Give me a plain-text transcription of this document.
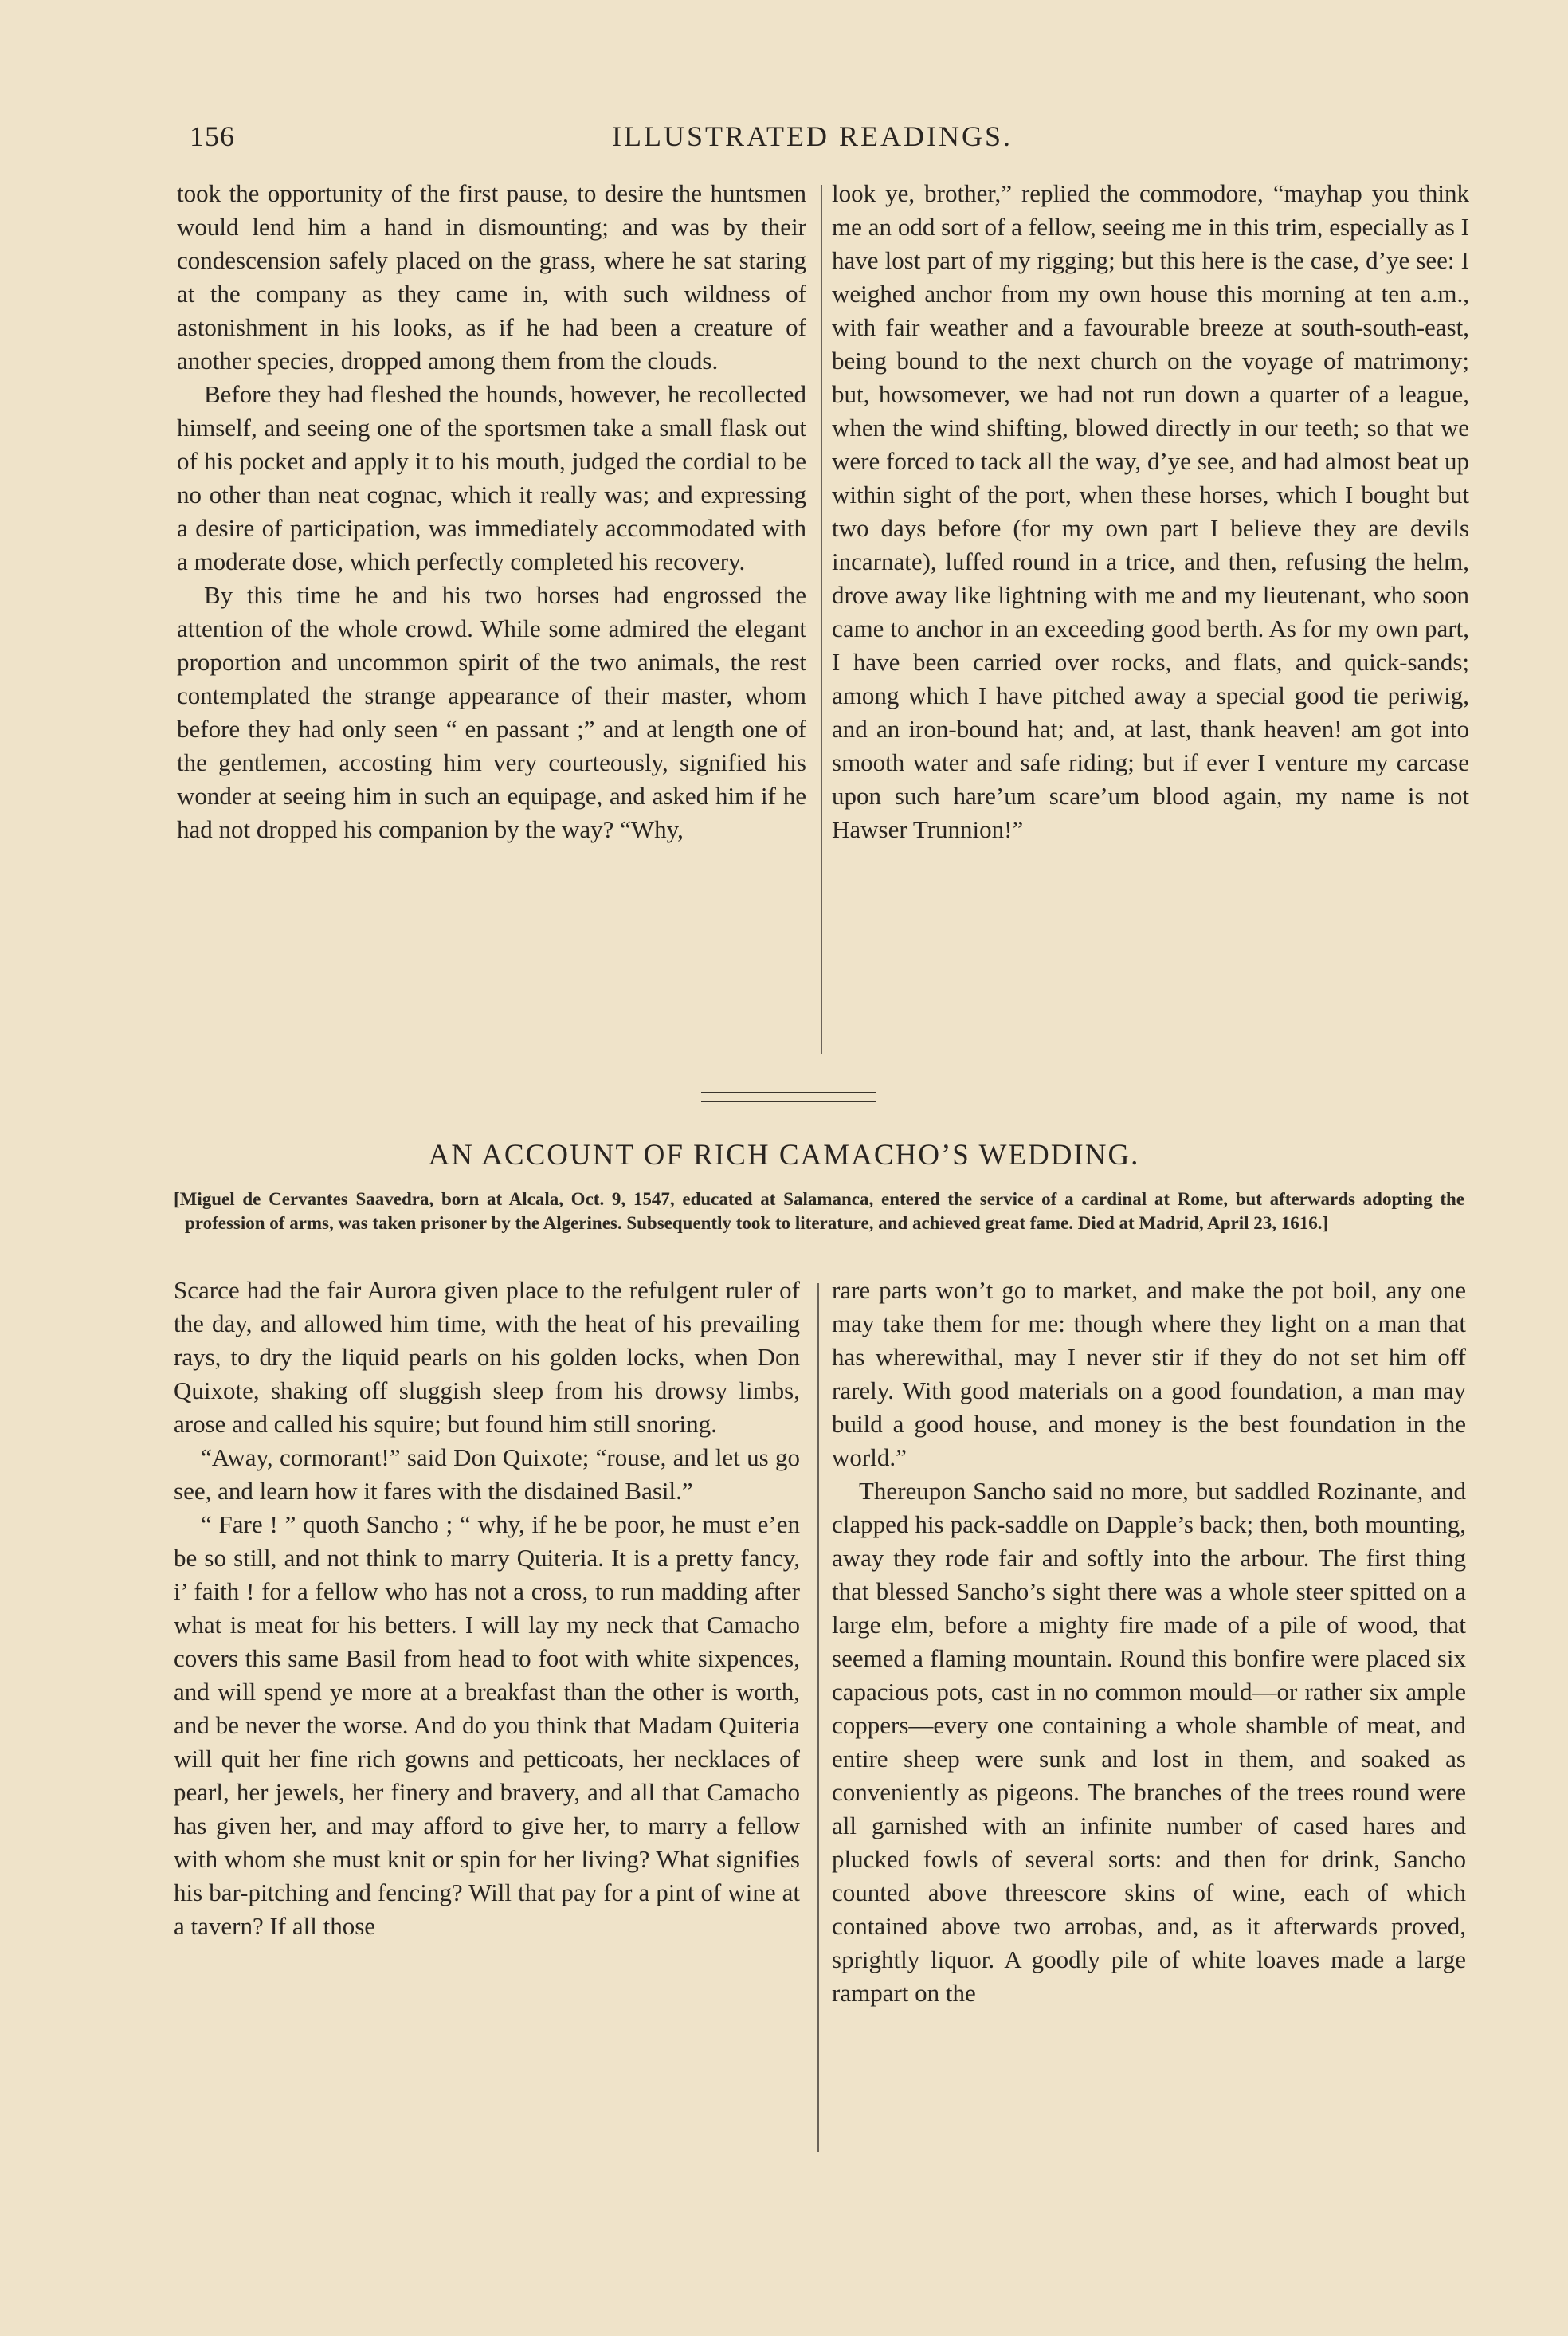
156	ILLUSTRATED READINGS.

took the opportunity of the first pause, to desire the huntsmen would lend him a hand in dismounting; and was by their condescension safely placed on the grass, where he sat staring at the company as they came in, with such wildness of astonishment in his looks, as if he had been a creature of another species, dropped among them from the clouds.

Before they had fleshed the hounds, however, he recollected himself, and seeing one of the sportsmen take a small flask out of his pocket and apply it to his mouth, judged the cordial to be no other than neat cognac, which it really was; and expressing a desire of participation, was immediately accommodated with a moderate dose, which perfectly completed his recovery.

By this time he and his two horses had engrossed the attention of the whole crowd. While some admired the elegant proportion and uncommon spirit of the two animals, the rest contemplated the strange appearance of their master, whom before they had only seen “ en passant ;” and at length one of the gentlemen, accosting him very courteously, signified his wonder at seeing him in such an equipage, and asked him if he had not dropped his companion by the way? “Why,

look ye, brother,” replied the commodore, “mayhap you think me an odd sort of a fellow, seeing me in this trim, especially as I have lost part of my rigging; but this here is the case, d’ye see: I weighed anchor from my own house this morning at ten a.m., with fair weather and a favourable breeze at south-south-east, being bound to the next church on the voyage of matrimony; but, howsomever, we had not run down a quarter of a league, when the wind shifting, blowed directly in our teeth; so that we were forced to tack all the way, d’ye see, and had almost beat up within sight of the port, when these horses, which I bought but two days before (for my own part I believe they are devils incarnate), luffed round in a trice, and then, refusing the helm, drove away like lightning with me and my lieutenant, who soon came to anchor in an exceeding good berth. As for my own part, I have been carried over rocks, and flats, and quick-sands; among which I have pitched away a special good tie periwig, and an iron-bound hat; and, at last, thank heaven! am got into smooth water and safe riding; but if ever I venture my carcase upon such hare’um scare’um blood again, my name is not Hawser Trunnion!”

AN ACCOUNT OF RICH CAMACHO’S WEDDING.

[Miguel de Cervantes Saavedra, born at Alcala, Oct. 9, 1547, educated at Salamanca, entered the service of a cardinal at Rome, but afterwards adopting the profession of arms, was taken prisoner by the Algerines. Subsequently took to literature, and achieved great fame. Died at Madrid, April 23, 1616.]

Scarce had the fair Aurora given place to the refulgent ruler of the day, and allowed him time, with the heat of his prevailing rays, to dry the liquid pearls on his golden locks, when Don Quixote, shaking off sluggish sleep from his drowsy limbs, arose and called his squire; but found him still snoring.

“Away, cormorant!” said Don Quixote; “rouse, and let us go see, and learn how it fares with the disdained Basil.”

“ Fare ! ” quoth Sancho ; “ why, if he be poor, he must e’en be so still, and not think to marry Quiteria. It is a pretty fancy, i’ faith ! for a fellow who has not a cross, to run madding after what is meat for his betters. I will lay my neck that Camacho covers this same Basil from head to foot with white sixpences, and will spend ye more at a breakfast than the other is worth, and be never the worse. And do you think that Madam Quiteria will quit her fine rich gowns and petticoats, her necklaces of pearl, her jewels, her finery and bravery, and all that Camacho has given her, and may afford to give her, to marry a fellow with whom she must knit or spin for her living? What signifies his bar-pitching and fencing? Will that pay for a pint of wine at a tavern? If all those

rare parts won’t go to market, and make the pot boil, any one may take them for me: though where they light on a man that has wherewithal, may I never stir if they do not set him off rarely. With good materials on a good foundation, a man may build a good house, and money is the best foundation in the world.”

Thereupon Sancho said no more, but saddled Rozinante, and clapped his pack-saddle on Dapple’s back; then, both mounting, away they rode fair and softly into the arbour. The first thing that blessed Sancho’s sight there was a whole steer spitted on a large elm, before a mighty fire made of a pile of wood, that seemed a flaming mountain. Round this bonfire were placed six capacious pots, cast in no common mould—or rather six ample coppers—every one containing a whole shamble of meat, and entire sheep were sunk and lost in them, and soaked as conveniently as pigeons. The branches of the trees round were all garnished with an infinite number of cased hares and plucked fowls of several sorts: and then for drink, Sancho counted above threescore skins of wine, each of which contained above two arrobas, and, as it afterwards proved, sprightly liquor. A goodly pile of white loaves made a large rampart on the
